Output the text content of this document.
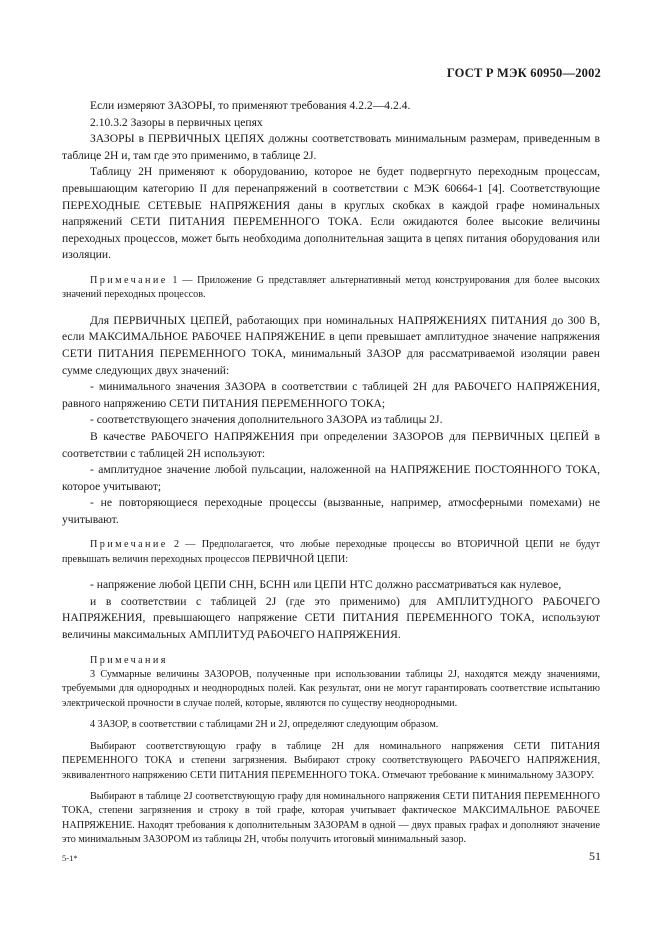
ГОСТ Р МЭК 60950—2002

Если измеряют ЗАЗОРЫ, то применяют требования 4.2.2—4.2.4.

2.10.3.2 Зазоры в первичных цепях

ЗАЗОРЫ в ПЕРВИЧНЫХ ЦЕПЯХ должны соответствовать минимальным размерам, приведенным в таблице 2H и, там где это применимо, в таблице 2J.

Таблицу 2H применяют к оборудованию, которое не будет подвергнуто переходным процессам, превышающим категорию II для перенапряжений в соответствии с МЭК 60664-1 [4]. Соответствующие ПЕРЕХОДНЫЕ СЕТЕВЫЕ НАПРЯЖЕНИЯ даны в круглых скобках в каждой графе номинальных напряжений СЕТИ ПИТАНИЯ ПЕРЕМЕННОГО ТОКА. Если ожидаются более высокие величины переходных процессов, может быть необходима дополнительная защита в цепях питания оборудования или изоляции.

Примечание 1 — Приложение G представляет альтернативный метод конструирования для более высоких значений переходных процессов.

Для ПЕРВИЧНЫХ ЦЕПЕЙ, работающих при номинальных НАПРЯЖЕНИЯХ ПИТАНИЯ до 300 В, если МАКСИМАЛЬНОЕ РАБОЧЕЕ НАПРЯЖЕНИЕ в цепи превышает амплитудное значение напряжения СЕТИ ПИТАНИЯ ПЕРЕМЕННОГО ТОКА, минимальный ЗАЗОР для рассматриваемой изоляции равен сумме следующих двух значений:

- минимального значения ЗАЗОРА в соответствии с таблицей 2H для РАБОЧЕГО НАПРЯЖЕНИЯ, равного напряжению СЕТИ ПИТАНИЯ ПЕРЕМЕННОГО ТОКА;

- соответствующего значения дополнительного ЗАЗОРА из таблицы 2J.

В качестве РАБОЧЕГО НАПРЯЖЕНИЯ при определении ЗАЗОРОВ для ПЕРВИЧНЫХ ЦЕПЕЙ в соответствии с таблицей 2H используют:

- амплитудное значение любой пульсации, наложенной на НАПРЯЖЕНИЕ ПОСТОЯННОГО ТОКА, которое учитывают;

- не повторяющиеся переходные процессы (вызванные, например, атмосферными помехами) не учитывают.

Примечание 2 — Предполагается, что любые переходные процессы во ВТОРИЧНОЙ ЦЕПИ не будут превышать величин переходных процессов ПЕРВИЧНОЙ ЦЕПИ:

- напряжение любой ЦЕПИ СНН, БСНН или ЦЕПИ НТС должно рассматриваться как нулевое,

и в соответствии с таблицей 2J (где это применимо) для АМПЛИТУДНОГО РАБОЧЕГО НАПРЯЖЕНИЯ, превышающего напряжение СЕТИ ПИТАНИЯ ПЕРЕМЕННОГО ТОКА, используют величины максимальных АМПЛИТУД РАБОЧЕГО НАПРЯЖЕНИЯ.

Примечания

3 Суммарные величины ЗАЗОРОВ, полученные при использовании таблицы 2J, находятся между значениями, требуемыми для однородных и неоднородных полей. Как результат, они не могут гарантировать соответствие испытанию электрической прочности в случае полей, которые, являются по существу неоднородными.

4 ЗАЗОР, в соответствии с таблицами 2H и 2J, определяют следующим образом.

Выбирают соответствующую графу в таблице 2H для номинального напряжения СЕТИ ПИТАНИЯ ПЕРЕМЕННОГО ТОКА и степени загрязнения. Выбирают строку соответствующего РАБОЧЕГО НАПРЯЖЕНИЯ, эквивалентного напряжению СЕТИ ПИТАНИЯ ПЕРЕМЕННОГО ТОКА. Отмечают требование к минимальному ЗАЗОРУ.

Выбирают в таблице 2J соответствующую графу для номинального напряжения СЕТИ ПИТАНИЯ ПЕРЕМЕННОГО ТОКА, степени загрязнения и строку в той графе, которая учитывает фактическое МАКСИМАЛЬНОЕ РАБОЧЕЕ НАПРЯЖЕНИЕ. Находят требования к дополнительным ЗАЗОРАМ в одной — двух правых графах и дополняют значение это минимальным ЗАЗОРОМ из таблицы 2H, чтобы получить итоговый минимальный зазор.

5-1*	51
